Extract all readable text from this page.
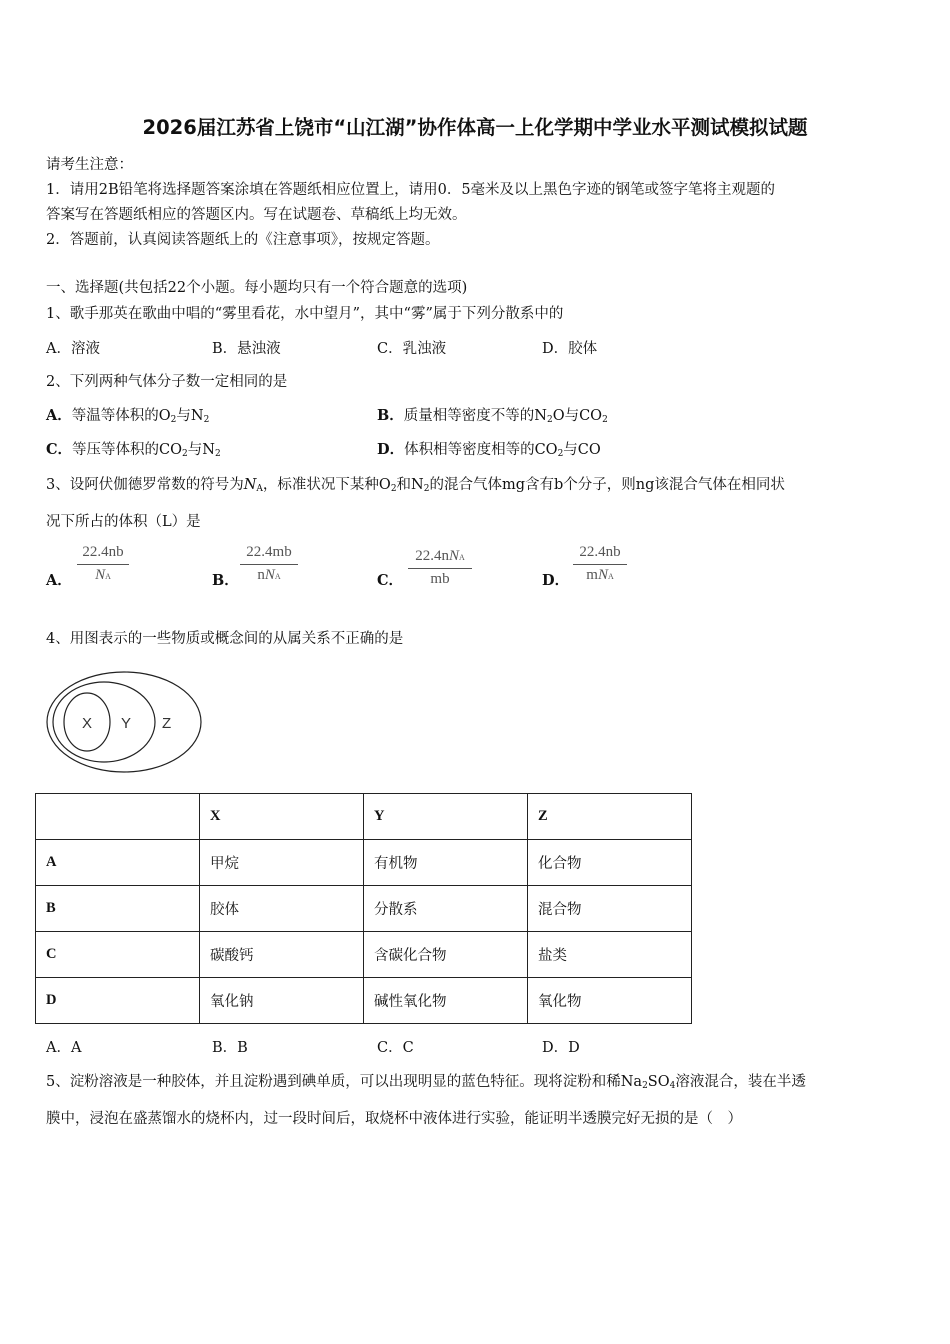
2026届江苏省上饶市“山江湖”协作体高一上化学期中学业水平测试模拟试题
请考生注意：
1．请用2B铅笔将选择题答案涂填在答题纸相应位置上，请用0．5毫米及以上黑色字迹的钢笔或签字笔将主观题的
答案写在答题纸相应的答题区内。写在试题卷、草稿纸上均无效。
2．答题前，认真阅读答题纸上的《注意事项》，按规定答题。
一、选择题(共包括22个小题。每小题均只有一个符合题意的选项)
1、歌手那英在歌曲中唱的“雾里看花，水中望月”，其中“雾”属于下列分散系中的
A．溶液	B．悬浊液	C．乳浊液	D．胶体
2、下列两种气体分子数一定相同的是
A．等温等体积的$O_2$与$N_2$	B．质量相等密度不等的$N_2O$与$CO_2$
C．等压等体积的$CO_2$与$N_2$	D．体积相等密度相等的$CO_2$与CO
3、设阿伏伽德罗常数的符号为$N_A$，标准状况下某种$O_2$和$N_2$的混合气体mg含有b个分子，则ng该混合气体在相同状
况下所占的体积（L）是
A． $\frac{22.4nb}{NA}$	B．
22.4mb
nNA	C．
22.4nNA
mb	D．
22.4nb
mNA
4、用图表示的一些物质或概念间的从属关系不正确的是
X Y Z
	X	Y	Z
A	甲烷	有机物	化合物
B	胶体	分散系	混合物
C	碳酸钙	含碳化合物	盐类
D	氧化钠	碱性氧化物	氧化物
A．A	B．B	C．C	D．D
5、淀粉溶液是一种胶体，并且淀粉遇到碘单质，可以出现明显的蓝色特征。现将淀粉和稀$Na_2SO_4$溶液混合，装在半透
膜中，浸泡在盛蒸馏水的烧杯内，过一段时间后，取烧杯中液体进行实验，能证明半透膜完好无损的是（　）
